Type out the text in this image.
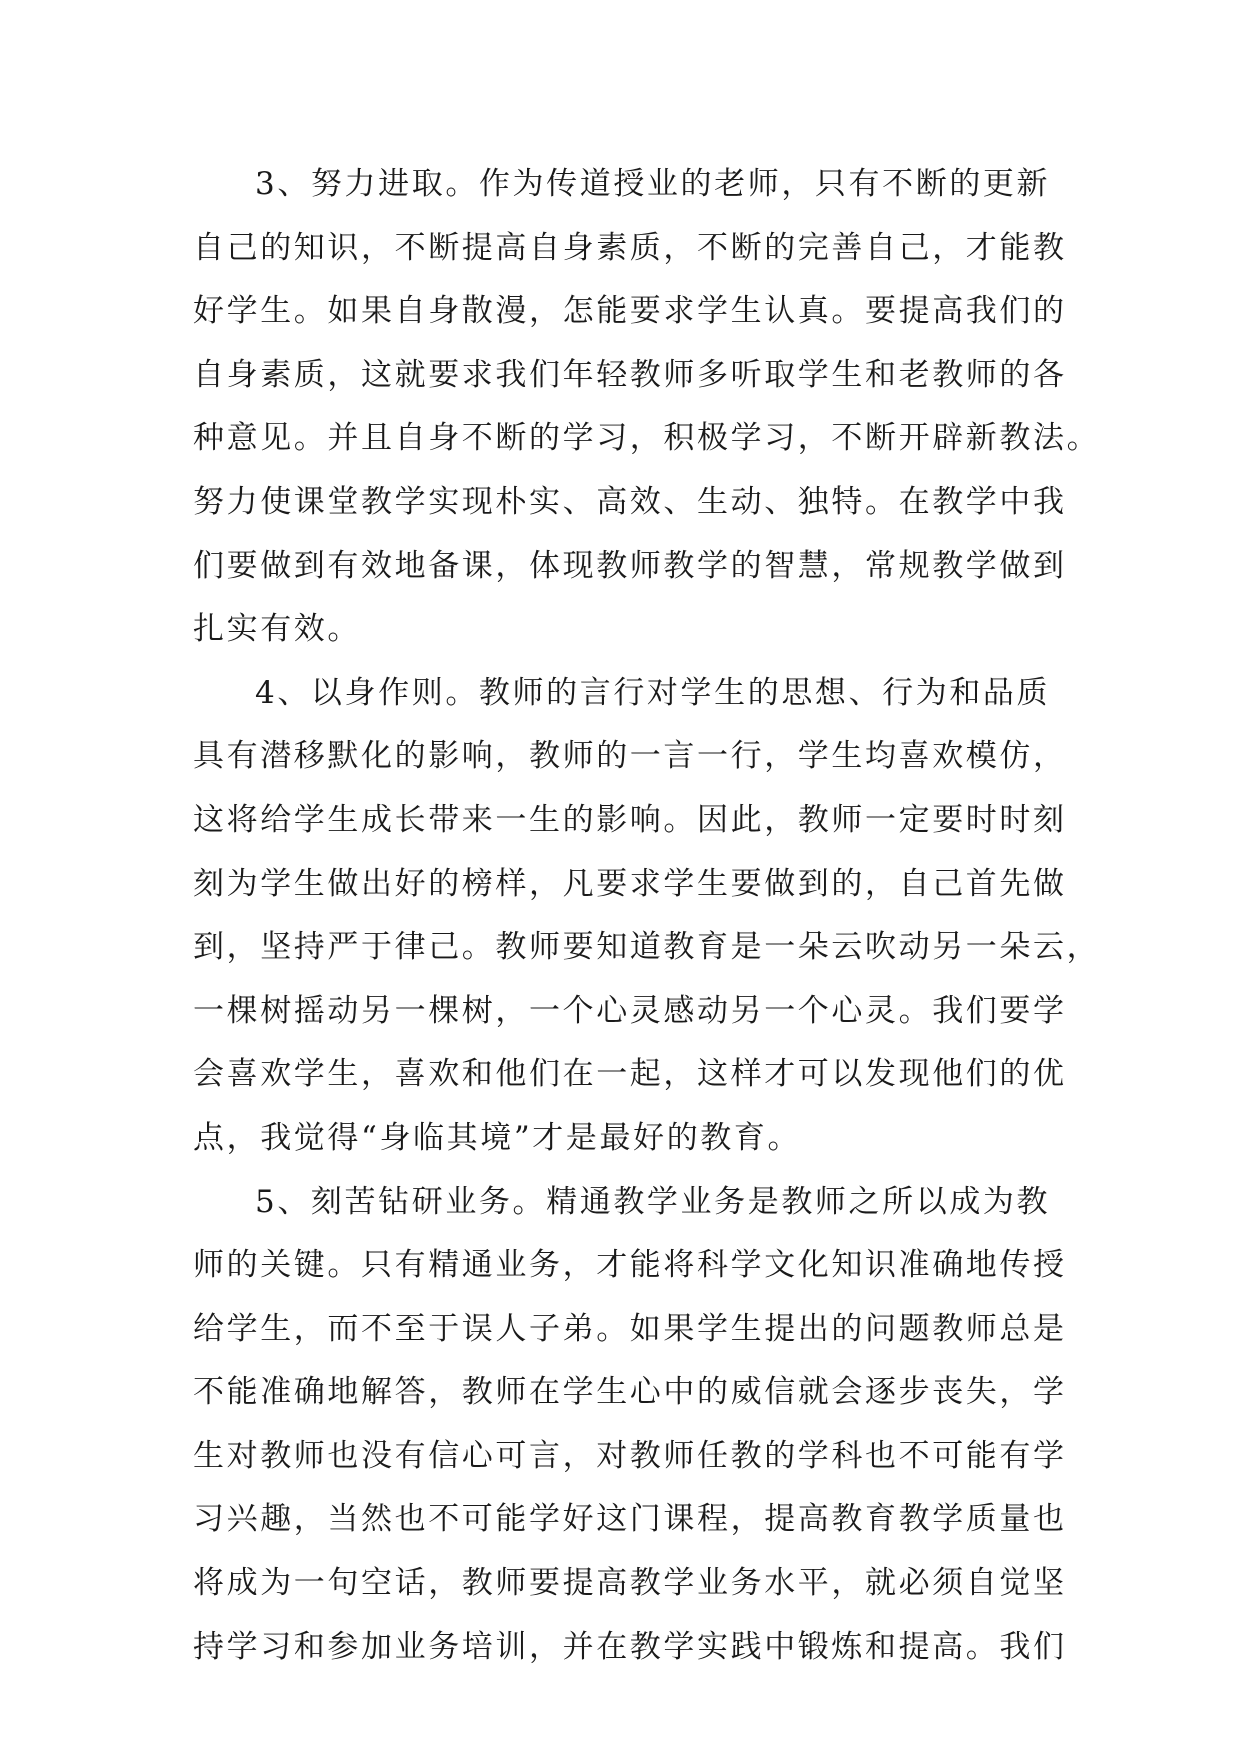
3、努力进取。作为传道授业的老师，只有不断的更新
自己的知识，不断提高自身素质，不断的完善自己，才能教
好学生。如果自身散漫，怎能要求学生认真。要提高我们的
自身素质，这就要求我们年轻教师多听取学生和老教师的各
种意见。并且自身不断的学习，积极学习，不断开辟新教法。
努力使课堂教学实现朴实、高效、生动、独特。在教学中我
们要做到有效地备课，体现教师教学的智慧，常规教学做到
扎实有效。
4、以身作则。教师的言行对学生的思想、行为和品质
具有潜移默化的影响，教师的一言一行，学生均喜欢模仿，
这将给学生成长带来一生的影响。因此，教师一定要时时刻
刻为学生做出好的榜样，凡要求学生要做到的，自己首先做
到，坚持严于律己。教师要知道教育是一朵云吹动另一朵云，
一棵树摇动另一棵树，一个心灵感动另一个心灵。我们要学
会喜欢学生，喜欢和他们在一起，这样才可以发现他们的优
点，我觉得“身临其境”才是最好的教育。
5、刻苦钻研业务。精通教学业务是教师之所以成为教
师的关键。只有精通业务，才能将科学文化知识准确地传授
给学生，而不至于误人子弟。如果学生提出的问题教师总是
不能准确地解答，教师在学生心中的威信就会逐步丧失，学
生对教师也没有信心可言，对教师任教的学科也不可能有学
习兴趣，当然也不可能学好这门课程，提高教育教学质量也
将成为一句空话，教师要提高教学业务水平，就必须自觉坚
持学习和参加业务培训，并在教学实践中锻炼和提高。我们
